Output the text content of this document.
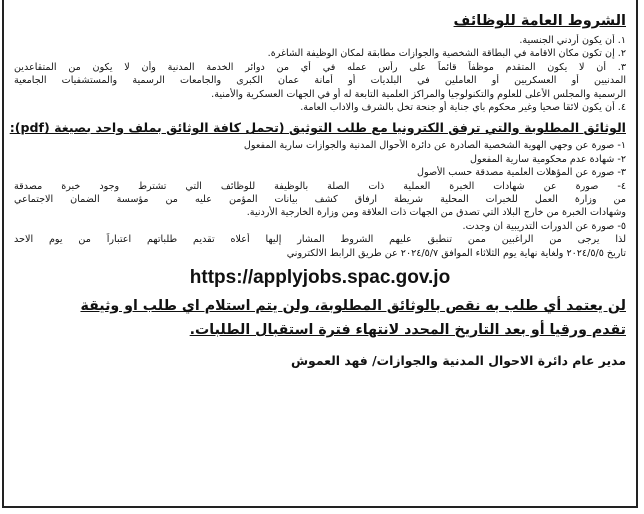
الشروط العامة للوظائف
١. أن يكون أردني الجنسية.
٢. إن تكون مكان الاقامة في البطاقة الشخصية والجوازات مطابقة لمكان الوظيفة الشاغرة.
٣. أن لا يكون المتقدم موظفاً قائماً على رأس عمله في أي من دوائر الخدمة المدنية وأن لا يكون من المتقاعدين
المدنيين أو العسكريين أو العاملين في البلديات أو أمانة عمان الكبرى والجامعات الرسمية والمستشفيات الجامعية
الرسمية والمجلس الأعلى للعلوم والتكنولوجيا والمراكز العلمية التابعة له أو في الجهات العسكرية والأمنية.
٤. أن يكون لائقا صحيا وغير محكوم باي جناية أو جنحة تخل بالشرف والاداب العامة.
الوثائق المطلوبة والتي ترفق الكترونيا مع طلب التوثيق (تحمل كافة الوثائق بملف واحد بصيغة (pdf):
١- صورة عن وجهي الهوية الشخصية الصادرة عن دائرة الأحوال المدنية والجوازات سارية المفعول
٢- شهادة عدم محكومية سارية المفعول
٣- صورة عن المؤهلات العلمية مصدقة حسب الأصول
٤- صورة عن شهادات الخبرة العملية ذات الصلة بالوظيفة للوظائف التي تشترط وجود خبرة مصدقة
من وزارة العمل للخبرات المحلية شريطة ارفاق كشف بيانات المؤمن عليه من مؤسسة الضمان الاجتماعي
وشهادات الخبرة من خارج البلاد التي تصدق من الجهات ذات العلاقة ومن وزارة الخارجية الأردنية.
٥- صورة عن الدورات التدريبية ان وجدت.
لذا يرجى من الراغبين ممن تنطبق عليهم الشروط المشار إليها أعلاه تقديم طلباتهم اعتباراً من يوم الاحد
تاريخ ٢٠٢٤/٥/٥ ولغاية نهاية يوم الثلاثاء الموافق ٢٠٢٤/٥/٧ عن طريق الرابط الالكتروني
https://applyjobs.spac.gov.jo
لن يعتمد أي طلب به نقص بالوثائق المطلوبة، ولن يتم استلام اي طلب او وثيقة
تقدم ورقيا أو بعد التاريخ المحدد لانتهاء فترة استقبال الطلبات.
مدير عام دائرة الاحوال المدنية والجوازات/ فهد العموش
